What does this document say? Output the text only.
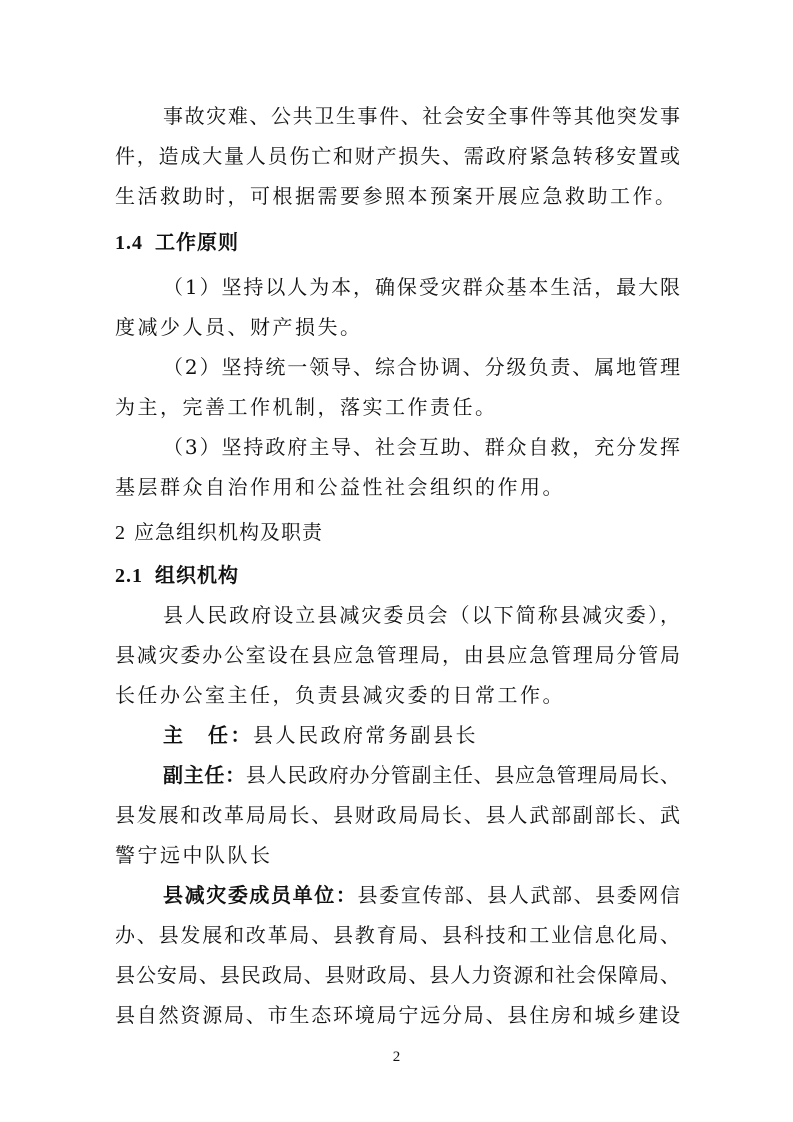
事故灾难、公共卫生事件、社会安全事件等其他突发事
件，造成大量人员伤亡和财产损失、需政府紧急转移安置或
生活救助时，可根据需要参照本预案开展应急救助工作。
1.4 工作原则
（1）坚持以人为本，确保受灾群众基本生活，最大限
度减少人员、财产损失。
（2）坚持统一领导、综合协调、分级负责、属地管理
为主，完善工作机制，落实工作责任。
（3）坚持政府主导、社会互助、群众自救，充分发挥
基层群众自治作用和公益性社会组织的作用。
2 应急组织机构及职责
2.1 组织机构
县人民政府设立县减灾委员会（以下简称县减灾委），
县减灾委办公室设在县应急管理局，由县应急管理局分管局
长任办公室主任，负责县减灾委的日常工作。
主　任：县人民政府常务副县长
副主任：县人民政府办分管副主任、县应急管理局局长、
县发展和改革局局长、县财政局局长、县人武部副部长、武
警宁远中队队长
县减灾委成员单位：县委宣传部、县人武部、县委网信
办、县发展和改革局、县教育局、县科技和工业信息化局、
县公安局、县民政局、县财政局、县人力资源和社会保障局、
县自然资源局、市生态环境局宁远分局、县住房和城乡建设
2
